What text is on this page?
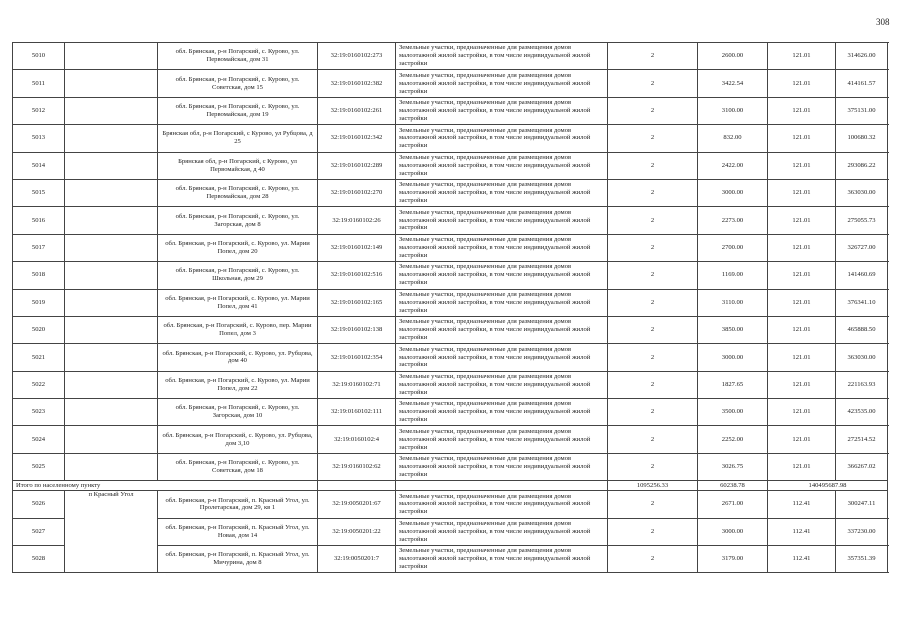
308
5010		обл. Брянская, р-н Погарский, с. Курово, ул. Первомайская, дом 31	32:19:0160102:273	Земельные участки, предназначенные для размещения домов малоэтажной жилой застройки, в том числе индивидуальной жилой застройки	2	2600.00	121.01	314626.00
5011		обл. Брянская, р-н Погарский, с. Курово, ул. Советская, дом 15	32:19:0160102:382	Земельные участки, предназначенные для размещения домов малоэтажной жилой застройки, в том числе индивидуальной жилой застройки	2	3422.54	121.01	414161.57
5012		обл. Брянская, р-н Погарский, с. Курово, ул. Первомайская, дом 19	32:19:0160102:261	Земельные участки, предназначенные для размещения домов малоэтажной жилой застройки, в том числе индивидуальной жилой застройки	2	3100.00	121.01	375131.00
5013		Брянская обл, р-н Погарский, с Курово, ул Рубцова, д 25	32:19:0160102:342	Земельные участки, предназначенные для размещения домов малоэтажной жилой застройки, в том числе индивидуальной жилой застройки	2	832.00	121.01	100680.32
5014		Брянская обл, р-н Погарский, с Курово, ул Первомайская, д 40	32:19:0160102:289	Земельные участки, предназначенные для размещения домов малоэтажной жилой застройки, в том числе индивидуальной жилой застройки	2	2422.00	121.01	293086.22
5015		обл. Брянская, р-н Погарский, с. Курово, ул. Первомайская, дом 28	32:19:0160102:270	Земельные участки, предназначенные для размещения домов малоэтажной жилой застройки, в том числе индивидуальной жилой застройки	2	3000.00	121.01	363030.00
5016		обл. Брянская, р-н Погарский, с. Курово, ул. Загорская, дом 8	32:19:0160102:26	Земельные участки, предназначенные для размещения домов малоэтажной жилой застройки, в том числе индивидуальной жилой застройки	2	2273.00	121.01	275055.73
5017		обл. Брянская, р-н Погарский, с. Курово, ул. Марии Попел, дом 20	32:19:0160102:149	Земельные участки, предназначенные для размещения домов малоэтажной жилой застройки, в том числе индивидуальной жилой застройки	2	2700.00	121.01	326727.00
5018		обл. Брянская, р-н Погарский, с. Курово, ул. Школьная, дом 29	32:19:0160102:516	Земельные участки, предназначенные для размещения домов малоэтажной жилой застройки, в том числе индивидуальной жилой застройки	2	1169.00	121.01	141460.69
5019		обл. Брянская, р-н Погарский, с. Курово, ул. Марии Попел, дом 41	32:19:0160102:165	Земельные участки, предназначенные для размещения домов малоэтажной жилой застройки, в том числе индивидуальной жилой застройки	2	3110.00	121.01	376341.10
5020		обл. Брянская, р-н Погарский, с. Курово, пер. Марии Попел, дом 3	32:19:0160102:138	Земельные участки, предназначенные для размещения домов малоэтажной жилой застройки, в том числе индивидуальной жилой застройки	2	3850.00	121.01	465888.50
5021		обл. Брянская, р-н Погарский, с. Курово, ул. Рубцова, дом 40	32:19:0160102:354	Земельные участки, предназначенные для размещения домов малоэтажной жилой застройки, в том числе индивидуальной жилой застройки	2	3000.00	121.01	363030.00
5022		обл. Брянская, р-н Погарский, с. Курово, ул. Марии Попел, дом 22	32:19:0160102:71	Земельные участки, предназначенные для размещения домов малоэтажной жилой застройки, в том числе индивидуальной жилой застройки	2	1827.65	121.01	221163.93
5023		обл. Брянская, р-н Погарский, с. Курово, ул. Загорская, дом 10	32:19:0160102:111	Земельные участки, предназначенные для размещения домов малоэтажной жилой застройки, в том числе индивидуальной жилой застройки	2	3500.00	121.01	423535.00
5024		обл. Брянская, р-н Погарский, с. Курово, ул. Рубцова, дом 3,10	32:19:0160102:4	Земельные участки, предназначенные для размещения домов малоэтажной жилой застройки, в том числе индивидуальной жилой застройки	2	2252.00	121.01	272514.52
5025		обл. Брянская, р-н Погарский, с. Курово, ул. Советская, дом 18	32:19:0160102:62	Земельные участки, предназначенные для размещения домов малоэтажной жилой застройки, в том числе индивидуальной жилой застройки	2	3026.75	121.01	366267.02
Итого по населенному пункту					1095256.33	60238.78	140495687.98	
5026	п Красный Угол	обл. Брянская, р-н Погарский, п. Красный Угол, ул. Пролетарская, дом 29, кв 1	32:19:0050201:67	Земельные участки, предназначенные для размещения домов малоэтажной жилой застройки, в том числе индивидуальной жилой застройки	2	2671.00	112.41	300247.11
5027		обл. Брянская, р-н Погарский, п. Красный Угол, ул. Новая, дом 14	32:19:0050201:22	Земельные участки, предназначенные для размещения домов малоэтажной жилой застройки, в том числе индивидуальной жилой застройки	2	3000.00	112.41	337230.00
5028		обл. Брянская, р-н Погарский, п. Красный Угол, ул. Мичурина, дом 8	32:19:0050201:7	Земельные участки, предназначенные для размещения домов малоэтажной жилой застройки, в том числе индивидуальной жилой застройки	2	3179.00	112.41	357351.39
